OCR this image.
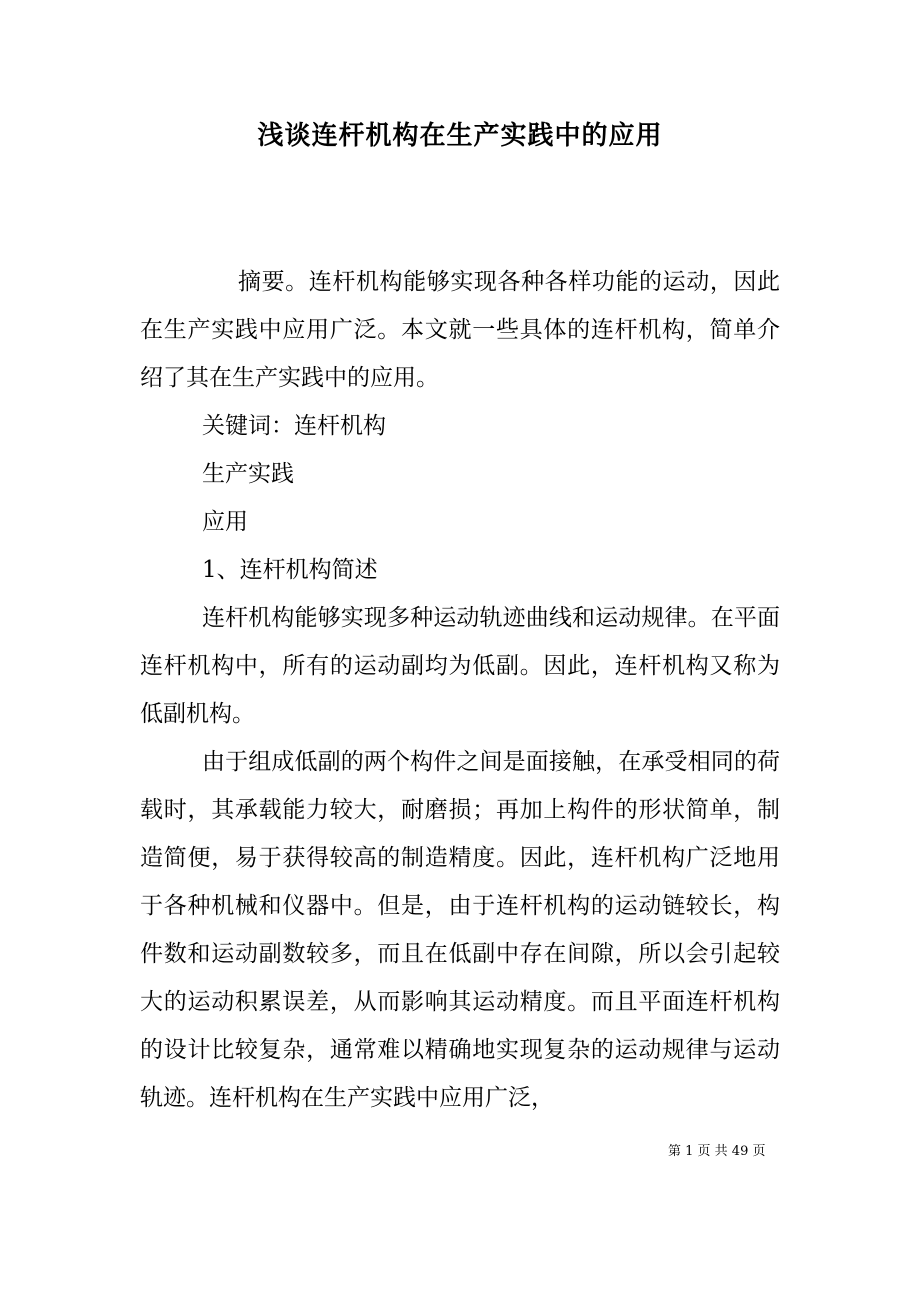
浅谈连杆机构在生产实践中的应用

摘要。连杆机构能够实现各种各样功能的运动，因此在生产实践中应用广泛。本文就一些具体的连杆机构，简单介绍了其在生产实践中的应用。

关键词：连杆机构

生产实践

应用

1、连杆机构简述

连杆机构能够实现多种运动轨迹曲线和运动规律。在平面连杆机构中，所有的运动副均为低副。因此，连杆机构又称为低副机构。

由于组成低副的两个构件之间是面接触，在承受相同的荷载时，其承载能力较大，耐磨损；再加上构件的形状简单，制造简便，易于获得较高的制造精度。因此，连杆机构广泛地用于各种机械和仪器中。但是，由于连杆机构的运动链较长，构件数和运动副数较多，而且在低副中存在间隙，所以会引起较大的运动积累误差，从而影响其运动精度。而且平面连杆机构的设计比较复杂，通常难以精确地实现复杂的运动规律与运动轨迹。连杆机构在生产实践中应用广泛，

第 1 页 共 49 页
